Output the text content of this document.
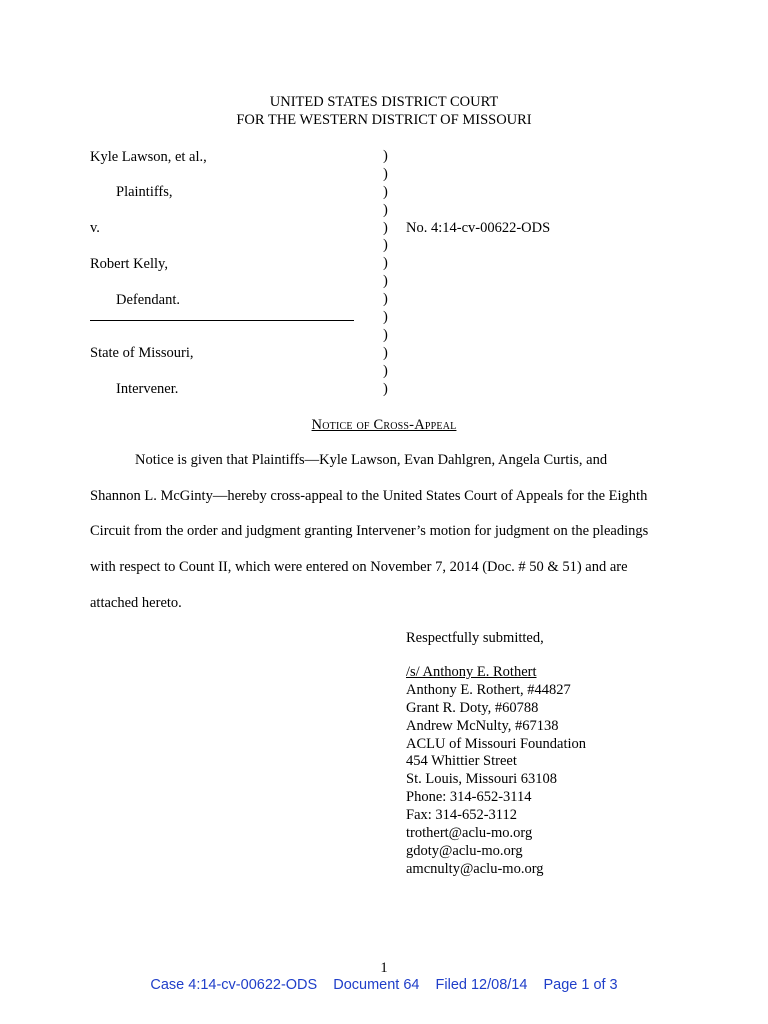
UNITED STATES DISTRICT COURT
FOR THE WESTERN DISTRICT OF MISSOURI
Kyle Lawson, et al.,
Plaintiffs,
v.
Robert Kelly,
Defendant.
State of Missouri,
Intervener.
)
)
)
)
)
)
)
)
)
)
)
)
)
)
No. 4:14-cv-00622-ODS
Notice of Cross-Appeal
Notice is given that Plaintiffs—Kyle Lawson, Evan Dahlgren, Angela Curtis, and
Shannon L. McGinty—hereby cross-appeal to the United States Court of Appeals for the Eighth
Circuit from the order and judgment granting Intervener’s motion for judgment on the pleadings
with respect to Count II, which were entered on November 7, 2014 (Doc. # 50 & 51) and are
attached hereto.
Respectfully submitted,
/s/ Anthony E. Rothert
Anthony E. Rothert, #44827
Grant R. Doty, #60788
Andrew McNulty, #67138
ACLU of Missouri Foundation
454 Whittier Street
St. Louis, Missouri 63108
Phone: 314-652-3114
Fax: 314-652-3112
trothert@aclu-mo.org
gdoty@aclu-mo.org
amcnulty@aclu-mo.org
1
Case 4:14-cv-00622-ODS Document 64 Filed 12/08/14 Page 1 of 3
